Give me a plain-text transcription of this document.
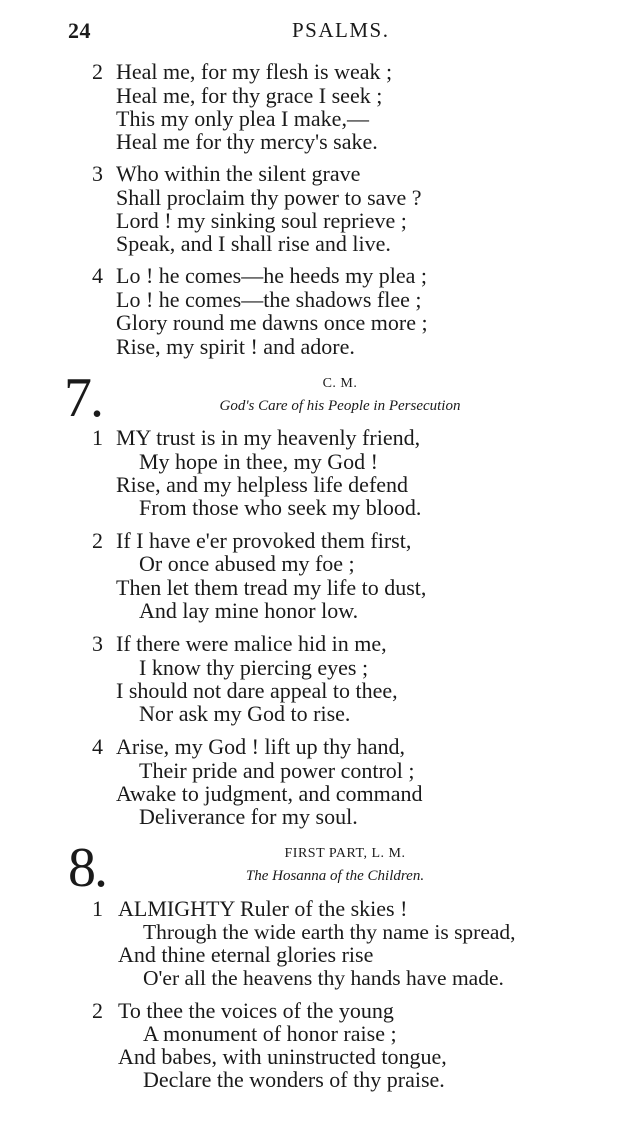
24	PSALMS.
2 Heal me, for my flesh is weak ;
Heal me, for thy grace I seek ;
This my only plea I make,—
Heal me for thy mercy's sake.
3 Who within the silent grave
Shall proclaim thy power to save ?
Lord ! my sinking soul reprieve ;
Speak, and I shall rise and live.
4 Lo ! he comes—he heeds my plea ;
Lo ! he comes—the shadows flee ;
Glory round me dawns once more ;
Rise, my spirit ! and adore.
7.	C. M.
God's Care of his People in Persecution
1 MY trust is in my heavenly friend,
My hope in thee, my God !
Rise, and my helpless life defend
From those who seek my blood.
2 If I have e'er provoked them first,
Or once abused my foe ;
Then let them tread my life to dust,
And lay mine honor low.
3 If there were malice hid in me,
I know thy piercing eyes ;
I should not dare appeal to thee,
Nor ask my God to rise.
4 Arise, my God ! lift up thy hand,
Their pride and power control ;
Awake to judgment, and command
Deliverance for my soul.
8.	FIRST PART, L. M.
The Hosanna of the Children.
1 ALMIGHTY Ruler of the skies !
Through the wide earth thy name is spread,
And thine eternal glories rise
O'er all the heavens thy hands have made.
2 To thee the voices of the young
A monument of honor raise ;
And babes, with uninstructed tongue,
Declare the wonders of thy praise.
